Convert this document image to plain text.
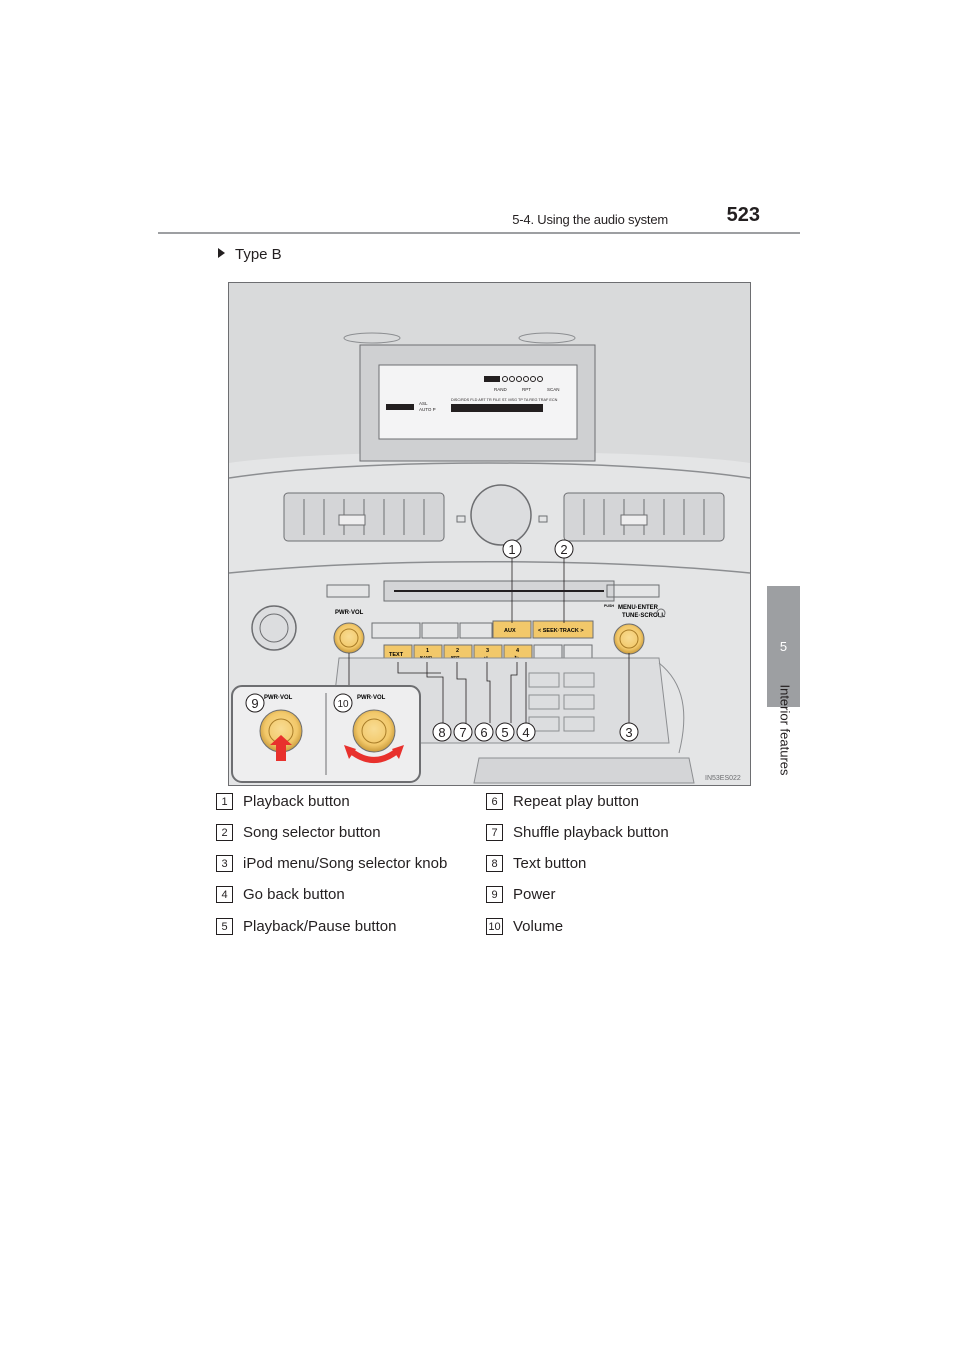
5-4. Using the audio system	523
5
Interior features
Type B
RAND	RPT	SCAN
DISC/RDS FLD ART TR FILE ST. MSG TP TA REG TRAF ECN
ASL
AUTO P
PWR·VOL
AUX	< SEEK·TRACK >
TEXT
1	2	3	4
PUSH MENU·ENTER
TUNE·SCROLL
1	2
3
4
5
6
7
8
PWR·VOL	PWR·VOL
9	10
IN53ES022
1	Playback button
2	Song selector button
3	iPod menu/Song selector knob
4	Go back button
5	Playback/Pause button
6	Repeat play button
7	Shuffle playback button
8	Text button
9	Power
10 Volume
